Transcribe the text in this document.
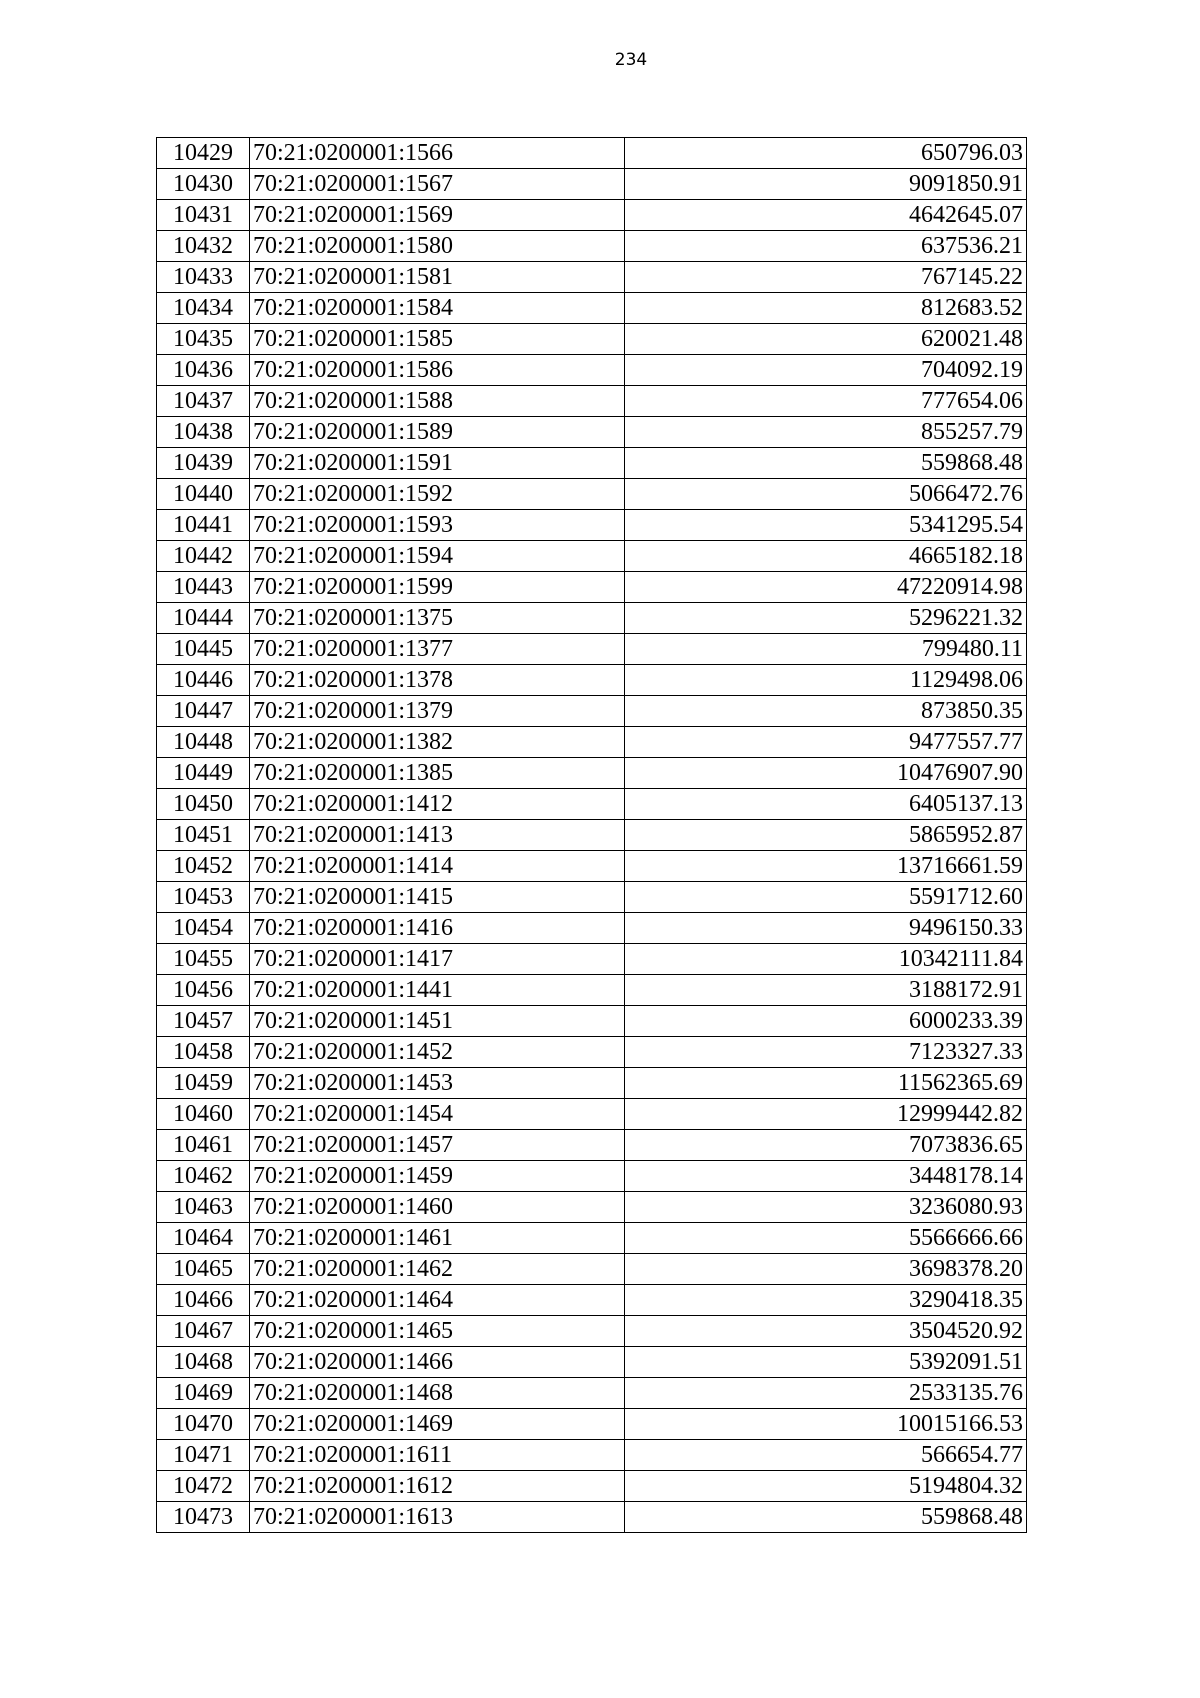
234
10429	70:21:0200001:1566	650796.03
10430	70:21:0200001:1567	9091850.91
10431	70:21:0200001:1569	4642645.07
10432	70:21:0200001:1580	637536.21
10433	70:21:0200001:1581	767145.22
10434	70:21:0200001:1584	812683.52
10435	70:21:0200001:1585	620021.48
10436	70:21:0200001:1586	704092.19
10437	70:21:0200001:1588	777654.06
10438	70:21:0200001:1589	855257.79
10439	70:21:0200001:1591	559868.48
10440	70:21:0200001:1592	5066472.76
10441	70:21:0200001:1593	5341295.54
10442	70:21:0200001:1594	4665182.18
10443	70:21:0200001:1599	47220914.98
10444	70:21:0200001:1375	5296221.32
10445	70:21:0200001:1377	799480.11
10446	70:21:0200001:1378	1129498.06
10447	70:21:0200001:1379	873850.35
10448	70:21:0200001:1382	9477557.77
10449	70:21:0200001:1385	10476907.90
10450	70:21:0200001:1412	6405137.13
10451	70:21:0200001:1413	5865952.87
10452	70:21:0200001:1414	13716661.59
10453	70:21:0200001:1415	5591712.60
10454	70:21:0200001:1416	9496150.33
10455	70:21:0200001:1417	10342111.84
10456	70:21:0200001:1441	3188172.91
10457	70:21:0200001:1451	6000233.39
10458	70:21:0200001:1452	7123327.33
10459	70:21:0200001:1453	11562365.69
10460	70:21:0200001:1454	12999442.82
10461	70:21:0200001:1457	7073836.65
10462	70:21:0200001:1459	3448178.14
10463	70:21:0200001:1460	3236080.93
10464	70:21:0200001:1461	5566666.66
10465	70:21:0200001:1462	3698378.20
10466	70:21:0200001:1464	3290418.35
10467	70:21:0200001:1465	3504520.92
10468	70:21:0200001:1466	5392091.51
10469	70:21:0200001:1468	2533135.76
10470	70:21:0200001:1469	10015166.53
10471	70:21:0200001:1611	566654.77
10472	70:21:0200001:1612	5194804.32
10473	70:21:0200001:1613	559868.48
